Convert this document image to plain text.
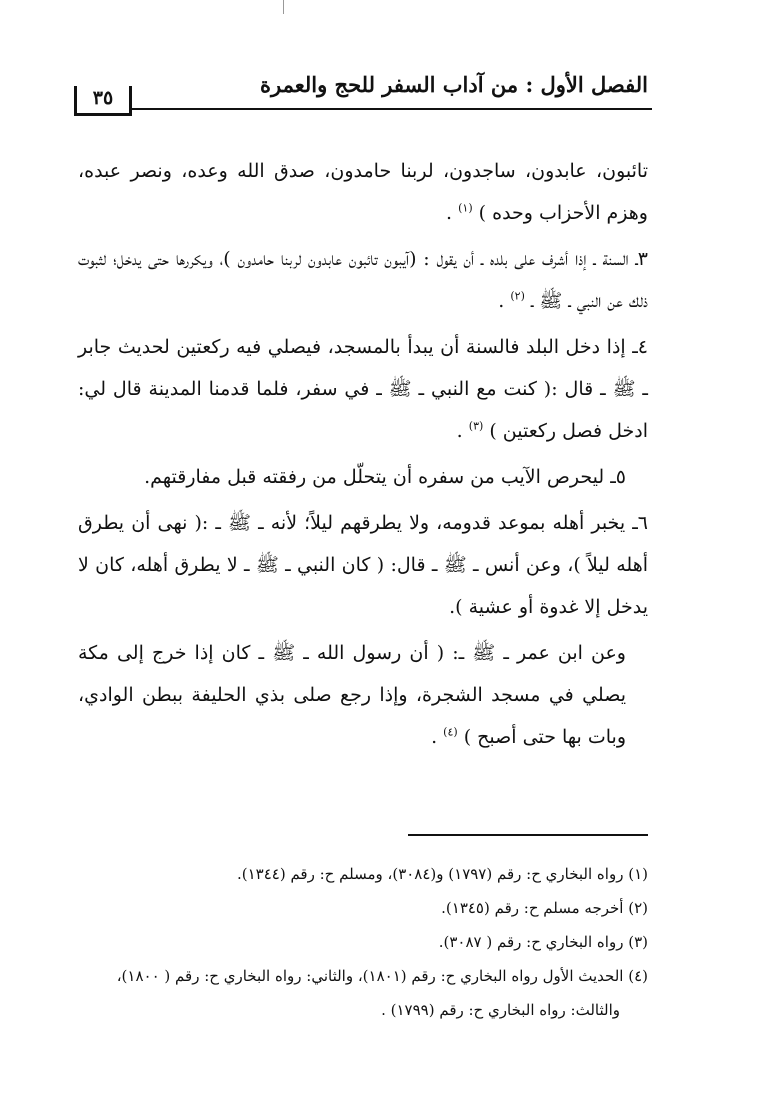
الفصل الأول : من آداب السفر للحج والعمرة
٣٥

تائبون، عابدون، ساجدون، لربنا حامدون، صدق الله وعده، ونصر عبده، وهزم الأحزاب وحده ) $^{(١)}$ .

٣ـ السنة ـ إذا أشرف على بلده ـ أن يقول : (آيبون تائبون عابدون لربنا حامدون )، ويكررها حتى يدخل؛ لثبوت ذلك عن النبي ـ ﷺ ـ $^{(٢)}$ .

٤ـ إذا دخل البلد فالسنة أن يبدأ بالمسجد، فيصلي فيه ركعتين لحديث جابر ـ ﷺ ـ قال :( كنت مع النبي ـ ﷺ ـ في سفر، فلما قدمنا المدينة قال لي: ادخل فصل ركعتين ) $^{(٣)}$ .

٥ـ ليحرص الآيب من سفره أن يتحلّل من رفقته قبل مفارقتهم.

٦ـ يخبر أهله بموعد قدومه، ولا يطرقهم ليلاً؛ لأنه ـ ﷺ ـ :( نهى أن يطرق أهله ليلاً )، وعن أنس ـ ﷺ ـ قال: ( كان النبي ـ ﷺ ـ لا يطرق أهله، كان لا يدخل إلا غدوة أو عشية ).

وعن ابن عمر ـ ﷺ ـ: ( أن رسول الله ـ ﷺ ـ كان إذا خرج إلى مكة يصلي في مسجد الشجرة، وإذا رجع صلى بذي الحليفة ببطن الوادي، وبات بها حتى أصبح ) $^{(٤)}$ .

(١) رواه البخاري ح: رقم (١٧٩٧) و(٣٠٨٤)، ومسلم ح: رقم (١٣٤٤).

(٢) أخرجه مسلم ح: رقم (١٣٤٥).

(٣) رواه البخاري ح: رقم ( ٣٠٨٧).

(٤) الحديث الأول رواه البخاري ح: رقم (١٨٠١)، والثاني: رواه البخاري ح: رقم ( ١٨٠٠)،

والثالث: رواه البخاري ح: رقم (١٧٩٩) .
